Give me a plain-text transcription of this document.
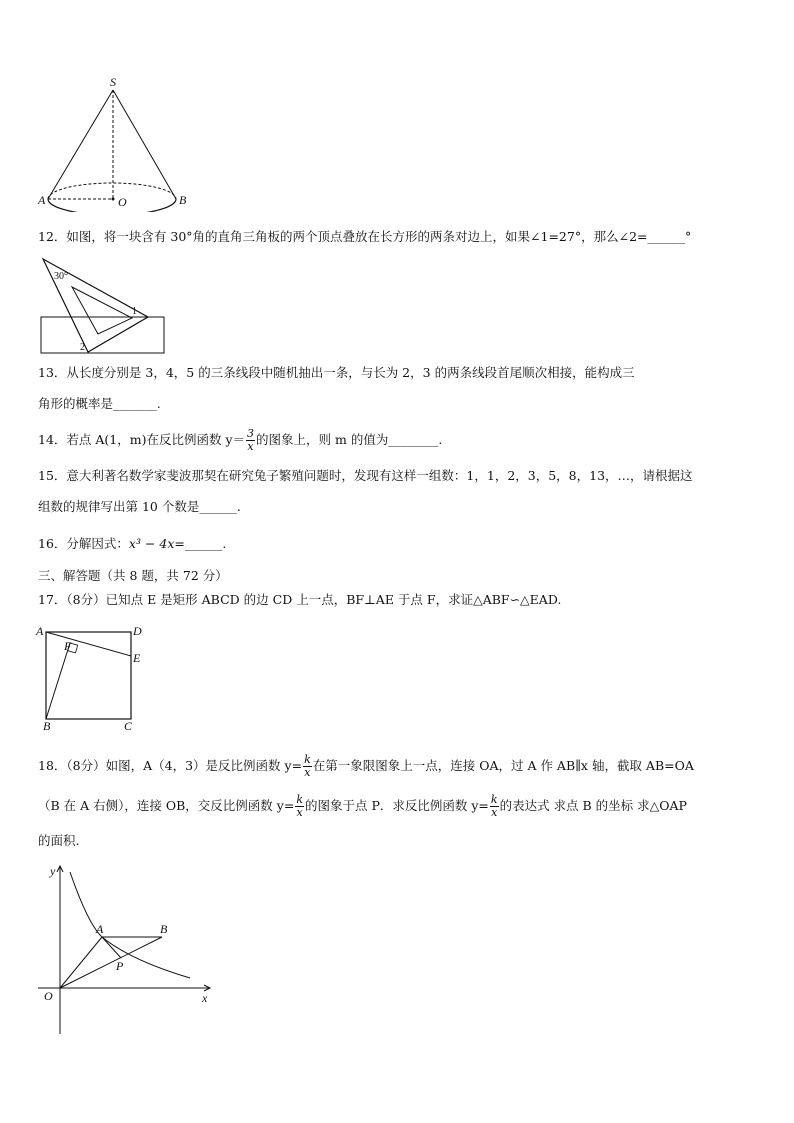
S
A	O	B
12．如图，将一块含有 30°角的直角三角板的两个顶点叠放在长方形的两条对边上，如果∠1=27°，那么∠2=______°
30°
1
2
13．从长度分别是 3，4，5 的三条线段中随机抽出一条，与长为 2，3 的两条线段首尾顺次相接，能构成三
角形的概率是_______.
14．若点 A(1，m)在反比例函数 $y= \frac{3}{x}$ 的图象上，则 m 的值为________.
15．意大利著名数学家斐波那契在研究兔子繁殖问题时，发现有这样一组数：1，1，2，3，5，8，13，…，请根据这
组数的规律写出第 10 个数是______.
16．分解因式：x³ − 4x=______.
三、解答题（共 8 题，共 72 分）
17．（8分）已知点 E 是矩形 ABCD 的边 CD 上一点，BF⊥AE 于点 F，求证△ABF∽△EAD.
A	D
F
E
B	C
18．（8分）如图，A（4，3）是反比例函数 $y= \frac{k}{x}$ 在第一象限图象上一点，连接 OA，过 A 作 AB∥x 轴，截取 AB=OA
（B 在 A 右侧），连接 OB，交反比例函数 $y= \frac{k}{x}$ 的图象于点 P．求反比例函数 $y= \frac{k}{x}$ 的表达式 求点 B 的坐标 求△OAP
的面积.
y
A	B
P
O	x
